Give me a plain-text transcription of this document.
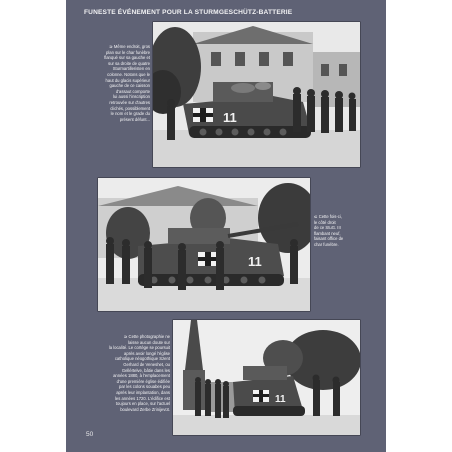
FUNESTE ÉVÉNEMENT POUR LA STURMGESCHÜTZ-BATTERIE
11
⊃ Même endroit, gros
plan sur le char funèbre
flanqué sur sa gauche et
sur sa droite de quatre
Sturmartilleristen en
colonne. Notons que le
haut du glacis supérieur
gauche de ce caisson
d'assaut comporte
lui aussi l'inscription
retrouvée sur d'autres
clichés, possiblement
le nom et le grade du
présent défunt...
11
⊂ Cette fois-ci,
le côté droit
de ce StuG. III
flambant neuf,
faisant office de
char funèbre.
11
⊃ Cette photographie ne
laisse aucun doute sur
la localité. Le cortège se poursuit
après avoir longé l'église
catholique néogothique Szent
Gerhard de Veneshet, ou
Gellértelve, bâtie dans les
années 1880, à l'emplacement
d'une première église édifiée
par les colons souabes peu
après leur implantation, dans
les années 1720. L'édifice est
toujours en place, sur l'actuel
boulevard Zerbe Zrinijevüt.
50
